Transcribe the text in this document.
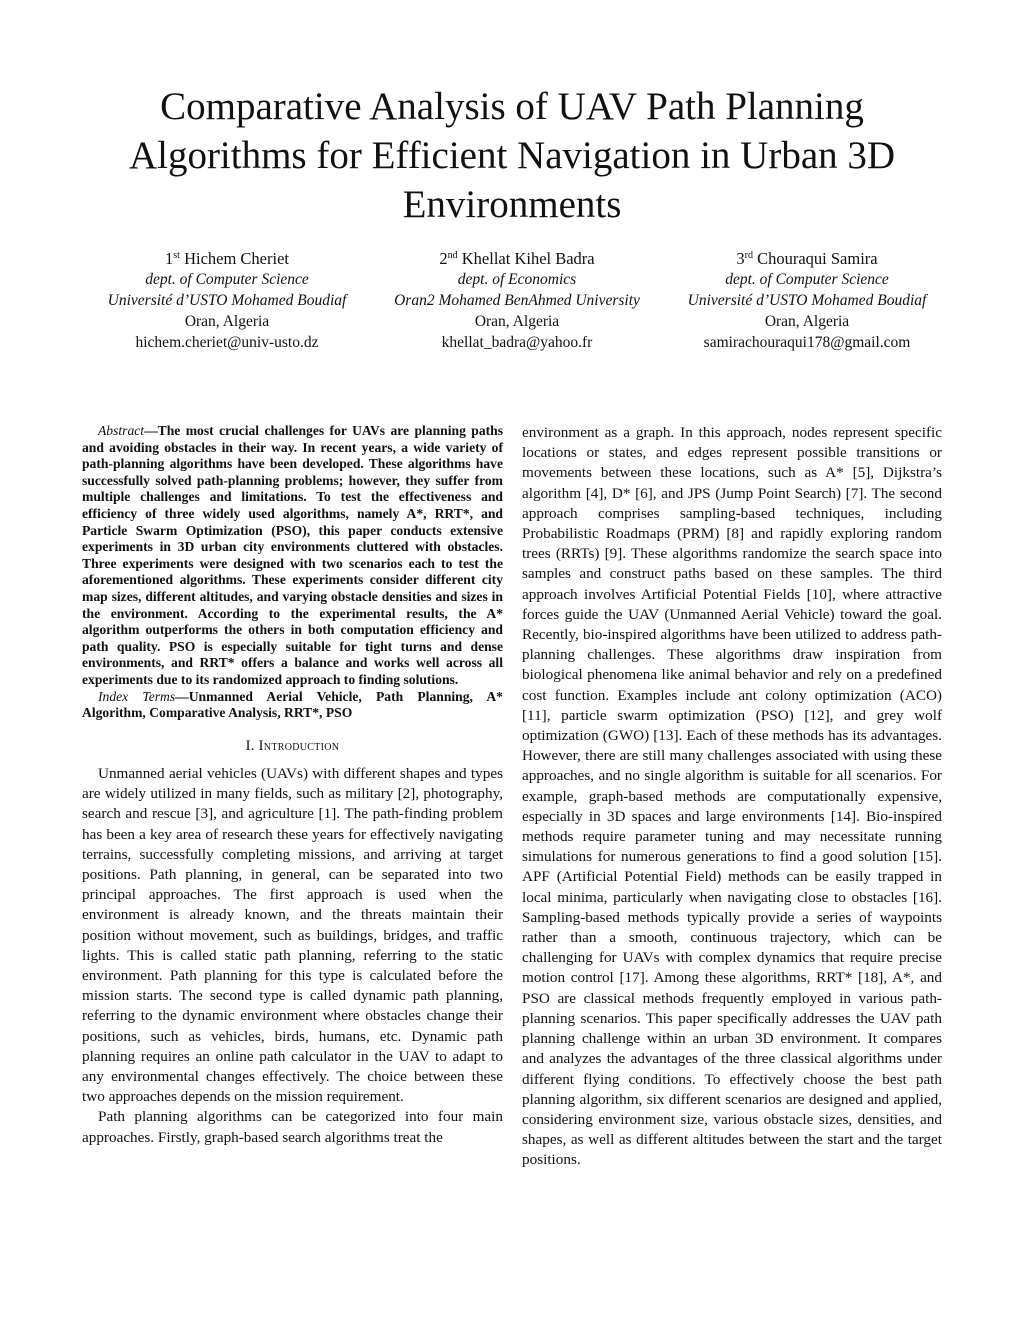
Comparative Analysis of UAV Path Planning Algorithms for Efficient Navigation in Urban 3D Environments
1st Hichem Cheriet
dept. of Computer Science
Université d’USTO Mohamed Boudiaf
Oran, Algeria
hichem.cheriet@univ-usto.dz
2nd Khellat Kihel Badra
dept. of Economics
Oran2 Mohamed BenAhmed University
Oran, Algeria
khellat_badra@yahoo.fr
3rd Chouraqui Samira
dept. of Computer Science
Université d’USTO Mohamed Boudiaf
Oran, Algeria
samirachouraqui178@gmail.com

Abstract—The most crucial challenges for UAVs are planning paths and avoiding obstacles in their way. In recent years, a wide variety of path-planning algorithms have been developed. These algorithms have successfully solved path-planning problems; however, they suffer from multiple challenges and limitations. To test the effectiveness and efficiency of three widely used algorithms, namely A*, RRT*, and Particle Swarm Optimization (PSO), this paper conducts extensive experiments in 3D urban city environments cluttered with obstacles. Three experiments were designed with two scenarios each to test the aforementioned algorithms. These experiments consider different city map sizes, different altitudes, and varying obstacle densities and sizes in the environment. According to the experimental results, the A* algorithm outperforms the others in both computation efficiency and path quality. PSO is especially suitable for tight turns and dense environments, and RRT* offers a balance and works well across all experiments due to its randomized approach to finding solutions.

Index Terms—Unmanned Aerial Vehicle, Path Planning, A* Algorithm, Comparative Analysis, RRT*, PSO

I. Introduction

Unmanned aerial vehicles (UAVs) with different shapes and types are widely utilized in many fields, such as military [2], photography, search and rescue [3], and agriculture [1]. The path-finding problem has been a key area of research these years for effectively navigating terrains, successfully completing missions, and arriving at target positions. Path planning, in general, can be separated into two principal approaches. The first approach is used when the environment is already known, and the threats maintain their position without movement, such as buildings, bridges, and traffic lights. This is called static path planning, referring to the static environment. Path planning for this type is calculated before the mission starts. The second type is called dynamic path planning, referring to the dynamic environment where obstacles change their positions, such as vehicles, birds, humans, etc. Dynamic path planning requires an online path calculator in the UAV to adapt to any environmental changes effectively. The choice between these two approaches depends on the mission requirement.

Path planning algorithms can be categorized into four main approaches. Firstly, graph-based search algorithms treat the

environment as a graph. In this approach, nodes represent specific locations or states, and edges represent possible transitions or movements between these locations, such as A* [5], Dijkstra’s algorithm [4], D* [6], and JPS (Jump Point Search) [7]. The second approach comprises sampling-based techniques, including Probabilistic Roadmaps (PRM) [8] and rapidly exploring random trees (RRTs) [9]. These algorithms randomize the search space into samples and construct paths based on these samples. The third approach involves Artificial Potential Fields [10], where attractive forces guide the UAV (Unmanned Aerial Vehicle) toward the goal. Recently, bio-inspired algorithms have been utilized to address path-planning challenges. These algorithms draw inspiration from biological phenomena like animal behavior and rely on a predefined cost function. Examples include ant colony optimization (ACO) [11], particle swarm optimization (PSO) [12], and grey wolf optimization (GWO) [13]. Each of these methods has its advantages. However, there are still many challenges associated with using these approaches, and no single algorithm is suitable for all scenarios. For example, graph-based methods are computationally expensive, especially in 3D spaces and large environments [14]. Bio-inspired methods require parameter tuning and may necessitate running simulations for numerous generations to find a good solution [15]. APF (Artificial Potential Field) methods can be easily trapped in local minima, particularly when navigating close to obstacles [16]. Sampling-based methods typically provide a series of waypoints rather than a smooth, continuous trajectory, which can be challenging for UAVs with complex dynamics that require precise motion control [17]. Among these algorithms, RRT* [18], A*, and PSO are classical methods frequently employed in various path-planning scenarios. This paper specifically addresses the UAV path planning challenge within an urban 3D environment. It compares and analyzes the advantages of the three classical algorithms under different flying conditions. To effectively choose the best path planning algorithm, six different scenarios are designed and applied, considering environment size, various obstacle sizes, densities, and shapes, as well as different altitudes between the start and the target positions.
